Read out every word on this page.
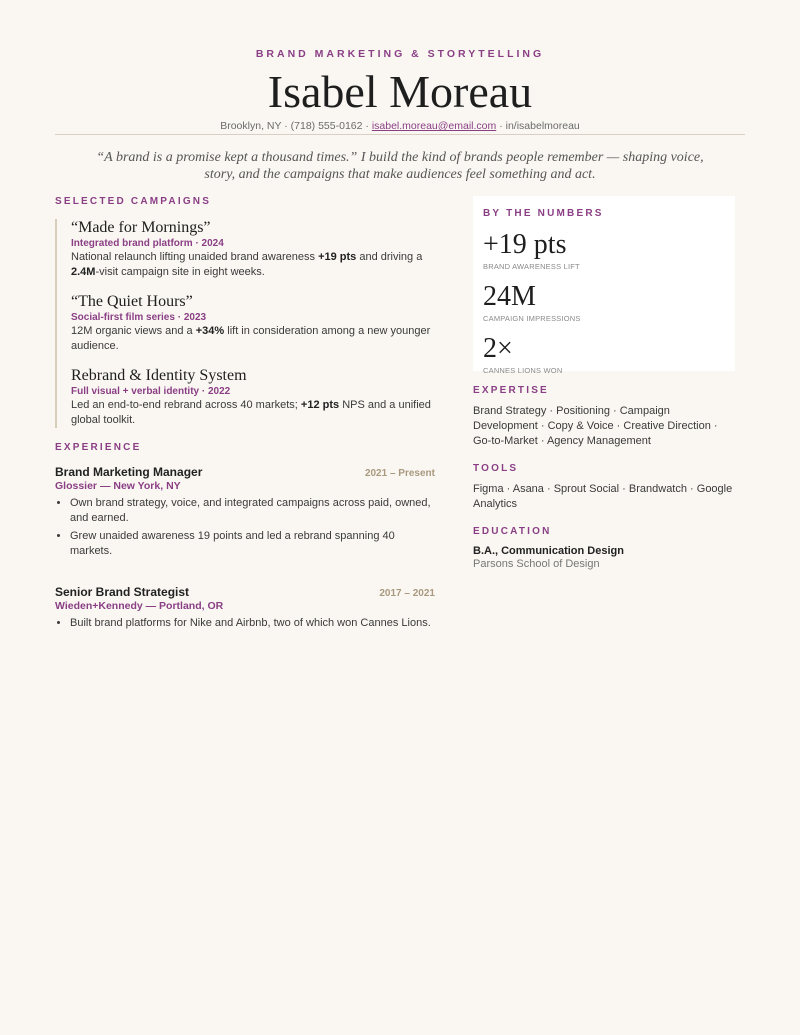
BRAND MARKETING & STORYTELLING
Isabel Moreau
Brooklyn, NY · (718) 555-0162 · isabel.moreau@email.com · in/isabelmoreau
“A brand is a promise kept a thousand times.” I build the kind of brands people remember — shaping voice, story, and the campaigns that make audiences feel something and act.
SELECTED CAMPAIGNS
“Made for Mornings”
Integrated brand platform · 2024
National relaunch lifting unaided brand awareness +19 pts and driving a
2.4M-visit campaign site in eight weeks.
“The Quiet Hours”
Social-first film series · 2023
12M organic views and a +34% lift in consideration among a new younger audience.
Rebrand & Identity System
Full visual + verbal identity · 2022
Led an end-to-end rebrand across 40 markets; +12 pts NPS and a unified global toolkit.
EXPERIENCE
Brand Marketing Manager	2021 – Present
Glossier — New York, NY
• Own brand strategy, voice, and integrated campaigns across paid, owned, and earned.
• Grew unaided awareness 19 points and led a rebrand spanning 40 markets.
Senior Brand Strategist	2017 – 2021
Wieden+Kennedy — Portland, OR
• Built brand platforms for Nike and Airbnb, two of which won Cannes Lions.
BY THE NUMBERS
+19 pts
BRAND AWARENESS LIFT
24M
CAMPAIGN IMPRESSIONS
2×
CANNES LIONS WON
EXPERTISE
Brand Strategy · Positioning · Campaign Development · Copy & Voice · Creative Direction · Go-to-Market · Agency Management
TOOLS
Figma · Asana · Sprout Social · Brandwatch · Google Analytics
EDUCATION
B.A., Communication Design
Parsons School of Design
